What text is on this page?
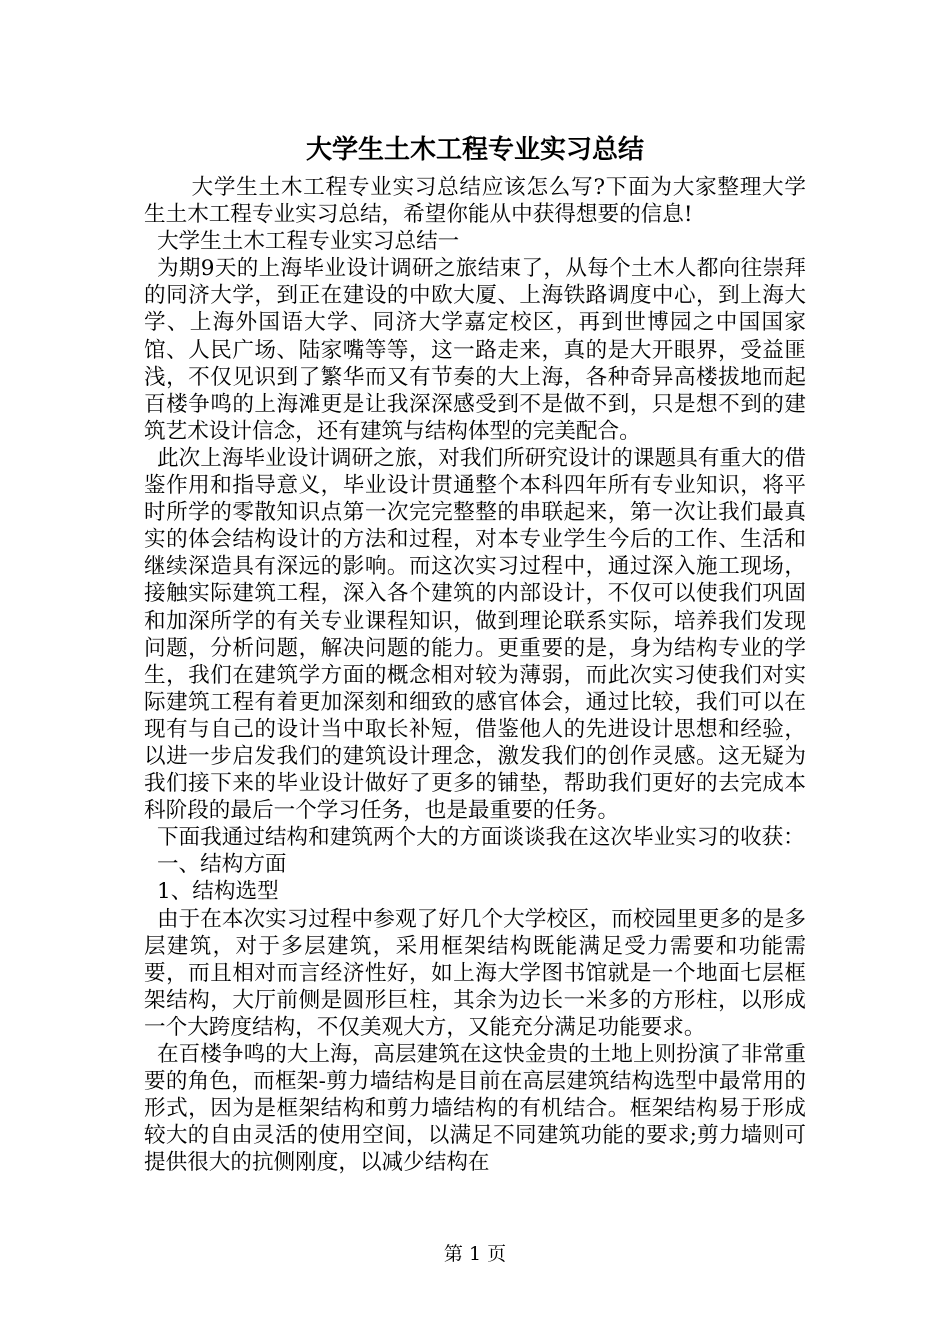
大学生土木工程专业实习总结

大学生土木工程专业实习总结应该怎么写?下面为大家整理大学生土木工程专业实习总结，希望你能从中获得想要的信息!

大学生土木工程专业实习总结一

为期9天的上海毕业设计调研之旅结束了，从每个土木人都向往崇拜的同济大学，到正在建设的中欧大厦、上海铁路调度中心，到上海大学、上海外国语大学、同济大学嘉定校区，再到世博园之中国国家馆、人民广场、陆家嘴等等，这一路走来，真的是大开眼界，受益匪浅，不仅见识到了繁华而又有节奏的大上海，各种奇异高楼拔地而起百楼争鸣的上海滩更是让我深深感受到不是做不到，只是想不到的建筑艺术设计信念，还有建筑与结构体型的完美配合。

此次上海毕业设计调研之旅，对我们所研究设计的课题具有重大的借鉴作用和指导意义，毕业设计贯通整个本科四年所有专业知识，将平时所学的零散知识点第一次完完整整的串联起来，第一次让我们最真实的体会结构设计的方法和过程，对本专业学生今后的工作、生活和继续深造具有深远的影响。而这次实习过程中，通过深入施工现场，接触实际建筑工程，深入各个建筑的内部设计，不仅可以使我们巩固和加深所学的有关专业课程知识，做到理论联系实际，培养我们发现问题，分析问题，解决问题的能力。更重要的是，身为结构专业的学生，我们在建筑学方面的概念相对较为薄弱，而此次实习使我们对实际建筑工程有着更加深刻和细致的感官体会，通过比较，我们可以在现有与自己的设计当中取长补短，借鉴他人的先进设计思想和经验，以进一步启发我们的建筑设计理念，激发我们的创作灵感。这无疑为我们接下来的毕业设计做好了更多的铺垫，帮助我们更好的去完成本科阶段的最后一个学习任务，也是最重要的任务。

下面我通过结构和建筑两个大的方面谈谈我在这次毕业实习的收获：

一、结构方面

1、结构选型

由于在本次实习过程中参观了好几个大学校区，而校园里更多的是多层建筑，对于多层建筑，采用框架结构既能满足受力需要和功能需要，而且相对而言经济性好，如上海大学图书馆就是一个地面七层框架结构，大厅前侧是圆形巨柱，其余为边长一米多的方形柱，以形成一个大跨度结构，不仅美观大方，又能充分满足功能要求。

在百楼争鸣的大上海，高层建筑在这快金贵的土地上则扮演了非常重要的角色，而框架-剪力墙结构是目前在高层建筑结构选型中最常用的形式，因为是框架结构和剪力墙结构的有机结合。框架结构易于形成较大的自由灵活的使用空间，以满足不同建筑功能的要求;剪力墙则可提供很大的抗侧刚度，以减少结构在

第 1 页
